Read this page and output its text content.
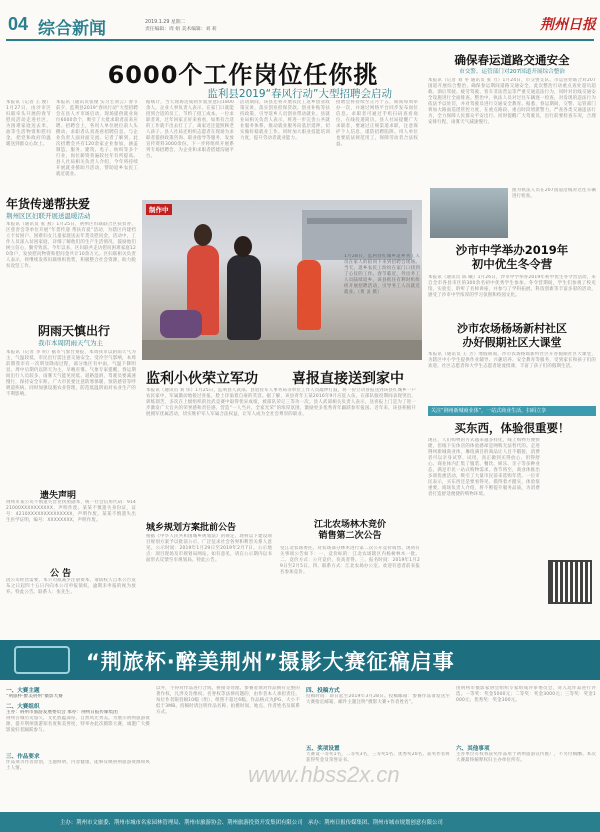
04 综合新闻	2019.1.29 星期二
责任编辑：周 娟 美术编辑：刘 莉	荆州日报
6000个工作岗位任你挑
监利县2019“春风行动”大型招聘会启动
本报讯（通讯员张俊 实习生刘云）春节前夕，监利县2019“春风行动”大型招聘会在县人才市场启动，现场提供就业岗位6000余个，吸引了大批求职者前来应聘。招聘会上，各用人单位展位前人头攒动，求职者认真查看招聘信息，与企业负责人面对面交流。记者了解到，此次招聘会共有120余家企业参加，涵盖制造、服务、建筑、电子、纺织等多个行业，岗位薪资普遍较往年有所提高。县人社局相关负责人介绍，今年将持续开展就业援助月活动，帮助返乡农民工就近就业。
据统计，当天现场达成初步就业意向1800余人。企业人事负责人表示，在家门口就能招到合适的员工，节约了招工成本。一位求职者说，过年回家正好来看看，如果有合适的工作就不出去打工了，离家近还能照顾老人孩子。县人社局还组织志愿者在现场为求职者提供政策咨询、职业指导等服务，发放宣传资料3000余份。下一步将组织开展系列专场招聘会，为企业和求职者搭建沟通平台。
活动期间，该县还将开展农民工返乡创业政策宣讲，落实创业担保贷款、创业补贴等扶持政策，引导返乡人员创业带动就业。县就业局相关负责人表示，将进一步完善公共就业服务体系，推动就业服务向基层延伸，切实做好稳就业工作。同时加大职业技能培训力度，提升劳动者就业能力。
招聘会将持续至正月十五，期间每周举办一次，并通过网络平台同步发布岗位信息。求职者可通过手机扫码查看岗位，在线投递简历。县人社局提醒广大求职者，要通过正规渠道求职，注意保护个人信息，谨防招聘陷阱。用人单位也要依法规范用工，保障劳动者合法权益。
制作中
1月28日，监利县红城乡返乡务工人员在家人的陪同下来到招聘会现场。当天，返乡农民工纷纷在家门口找到了心仪的工作。春节临近，外出务工人员陆续返乡，该县抓住有利时机组织开展招聘活动，引导务工人员就近就业。（黄 灵 摄）
本报讯（记者 王 俊）1月27日，由沙市区妇联牵头开展的春节慰问活动走进社区，为困难家庭送去米、油等生活物资和慰问金，把党和政府的温暖送到群众心坎上。
年货传递帮扶爱
荆州区区妇联开展送温暖活动
本报讯（通讯员 张 燕）1月25日，荆州区妇联联合区扶贫办、区慈善会等单位开展“年货传递 帮扶有爱”活动，为辖区内建档立卡贫困户、困难妇女儿童家庭送去年货及慰问金。活动中，工作人员深入贫困家庭，详细了解他们的生产生活情况，鼓励他们树立信心，勤劳致富。今年以来，区妇联共走访慰问困难家庭120余户，发放慰问物资和慰问金共计10余万元。区妇联相关负责人表示，将继续发挥妇联组织优势，积极整合社会资源，助力脱贫攻坚工作。
阴雨天慎出行
我市本周阴雨天气为主
本报讯（记者 李 明）据市气象台预报，本周我市以阴雨天气为主，气温较低，市民出行需注意交通安全。受冷空气影响，本周前期我市有一次明显降雨过程，部分地区有中雨，气温下降明显。周中后期仍以阴天为主，早晚有雾。气象专家提醒，春运期间出行人员较多，雨雾天气能见度低、道路湿滑，驾驶员要减速慢行，保持安全车距。广大市民要注意防寒保暖，预防感冒等呼吸道疾病。同时加强设施农业管理，防范低温阴雨对农业生产的不利影响。
监利小伙荣立军功 喜报直接送到家中
本报讯（通讯员 刘 伟）1月25日，监利县人武部、县退役军人事务局等单位工作人员敲锣打鼓，将一份立功喜报送到该县红城乡一户农民家中，军属激动地接过喜报，脸上洋溢着自豪的笑容。据了解，该县青年王某2016年9月应征入伍，在部队服役期间表现突出，训练刻苦，多次在上级组织的比武竞赛中取得优异成绩，被部队荣记三等功一次。县人武部相关负责人表示，送喜报上门是为了进一步激发广大官兵的荣誉感和责任感，营造“一人当兵、全家光荣”的浓厚氛围，激励更多优秀青年踊跃参军报国。近年来，该县积极开展拥军优属活动，切实维护军人军属合法权益，让军人成为全社会尊崇的职业。
确保春运道路交通安全
市交警、运管部门对207国道开展综合整治
本报讯（记者 刘 冬 通讯员 张 力）1月24日，市交警支队、市运管处联合对207国道开展综合整治，确保春运期间道路交通安全。此次整治行动重点查处超员超载、酒后驾驶、疲劳驾驶、客车非法营运等严重交通违法行为，同时对沿线交通安全设施进行全面排查。整治中，执法人员对过往车辆逐一检查，对发现的违法行为依法予以处罚，并对驾驶员进行交通安全教育。据悉，春运期间，交警、运管部门将加大路面巡逻管控力度，在重点路段、重点时段增派警力，严查各类交通违法行为，全力保障人民群众平安出行。同时提醒广大驾驶员，出行前要检查车况，合理安排行程，雨雾天气减速慢行。
图为执法人员在207国道沿线对过往车辆进行检查。
沙市中学举办2019年
初中优生冬令营
本报讯（通讯员 陈 曦）1月26日，沙市中学举办2019年初中优生冬令营活动，来自全市各县市区的300余名初中优秀学生参加。冬令营期间，学生们参观了校史馆、实验室，聆听了名师讲座，并参与了学科拓展、科技创新等丰富多彩的活动，感受了沙市中学浓厚的学习氛围和校园文化。
沙市农场杨场新村社区
办好假期社区大课堂
本报讯（通讯员 王 芳）寒假期间，沙市农场杨场新村社区开办假期社区大课堂，为辖区中小学生提供作业辅导、兴趣培养、安全教育等服务，受到家长和孩子们的欢迎。社区志愿者和大学生志愿者轮流授课，丰富了孩子们的假期生活。
关注“荆州新城商业体”，一站式商业生活，扫码立享
买东西，体验很重要！
现在，人们购物的方式越来越多样化，线上购物方便快捷，但线下实体店的体验感却是网购无法替代的。走进荆州新城商业体，琳琅满目的商品让人目不暇接，消费者可以亲身试穿、试用，真正做到买得放心、用得舒心。商业体内汇集了服装、餐饮、娱乐、亲子等多种业态，满足市民一站式购物需求。春节将至，商业体推出多项优惠活动，吸引了大量市民前来选购年货。一位市民表示，买东西还是要看得见、摸得着才踏实，体验很重要。商场负责人介绍，将不断提升服务品质，为消费者打造舒适便捷的购物环境。
遗失声明
荆州市某公司不慎遗失营业执照副本，统一社会信用代码：91421000XXXXXXXXXX，声明作废。某某不慎遗失身份证，证号：4210XXXXXXXXXXXXXX，声明作废。某某不慎遗失出生医学证明，编号：XXXXXXXX，声明作废。
公 告
因公司经营需要，本公司拟减少注册资本，请债权人自本公告发布之日起四十五日内向本公司申报债权，逾期未申报的视为放弃。特此公告。联系人：张先生。
城乡规划方案批前公告
根据《中华人民共和国城乡规划法》的规定，现将以下建设项目规划方案予以批前公示，广泛征求社会各界和利害关系人意见。公示时间：2019年1月29日至2019年2月7日。公示地点：项目现场及市规划局网站。如有意见，请在公示期内以书面形式反馈至市规划局。特此公告。
江北农场林木竞价
销售第二次公告
受江北农场委托，对农场部分林木进行第二次公开竞价销售，现将有关事项公告如下：一、竞价标的：江北农场辖区内杨树林木一批。二、竞价方式：公开竞价，价高者得。三、报名时间：2019年1月29日至2月5日。四、联系方式：江北农场办公室。欢迎有意者前来报名参加竞价。
“荆旅杯·醉美荆州”摄影大赛征稿启事
一、大赛主题
“荆旅杯·醉美荆州”摄影大赛
二、大赛组织
主办：荆州市旅游发展委员会 承办：荆州日报传媒集团
荆州古城历史悠久，文化底蕴深厚，自然风光秀美。为展示荆州旅游资源，提升荆州旅游知名度和美誉度，特举办此次摄影大赛，诚邀广大摄影爱好者踊跃参与。
三、作品要求
作品须为作者原创，主题鲜明，内容健康，能够反映荆州旅游资源和风土人情。
以外，不得对作品进行合成、拼接等处理。参赛者须对作品拥有完整的著作权，凡涉及肖像权、名誉权等法律问题的，由作者本人承担责任。每位作者限投稿10幅（组），组照不超过6幅。作品格式为JPG，大小不低于3MB。投稿时请注明作品名称、拍摄时间、地点、作者姓名及联系方式。
四、投稿方式
投稿时间：即日起至2019年3月28日。投稿邮箱：参赛作品请发送至大赛指定邮箱，邮件主题注明“摄影大赛+作者姓名”。
五、奖项设置
大赛设一等奖1名，二等奖3名，三等奖5名，优秀奖20名，获奖作者将获得奖金及荣誉证书。
由荆州市摄影家协会组织专家组成评审委员会，对入选作品进行评选。一等奖：奖金5000元；二等奖：奖金3000元；三等奖：奖金1000元；优秀奖：奖金300元。
六、其他事项
主办单位有权将获奖作品用于荆州旅游宣传推广，不另付稿酬。本次大赛最终解释权归主办单位所有。
www.hbss2x.cn
主办：荆州市文旅委、荆州市城市名家园林管理局、荆州市旅游协会、荆州旅游投资开发集团有限公司　承办：荆州日报传媒集团、荆州市城市规划创意有限公司
